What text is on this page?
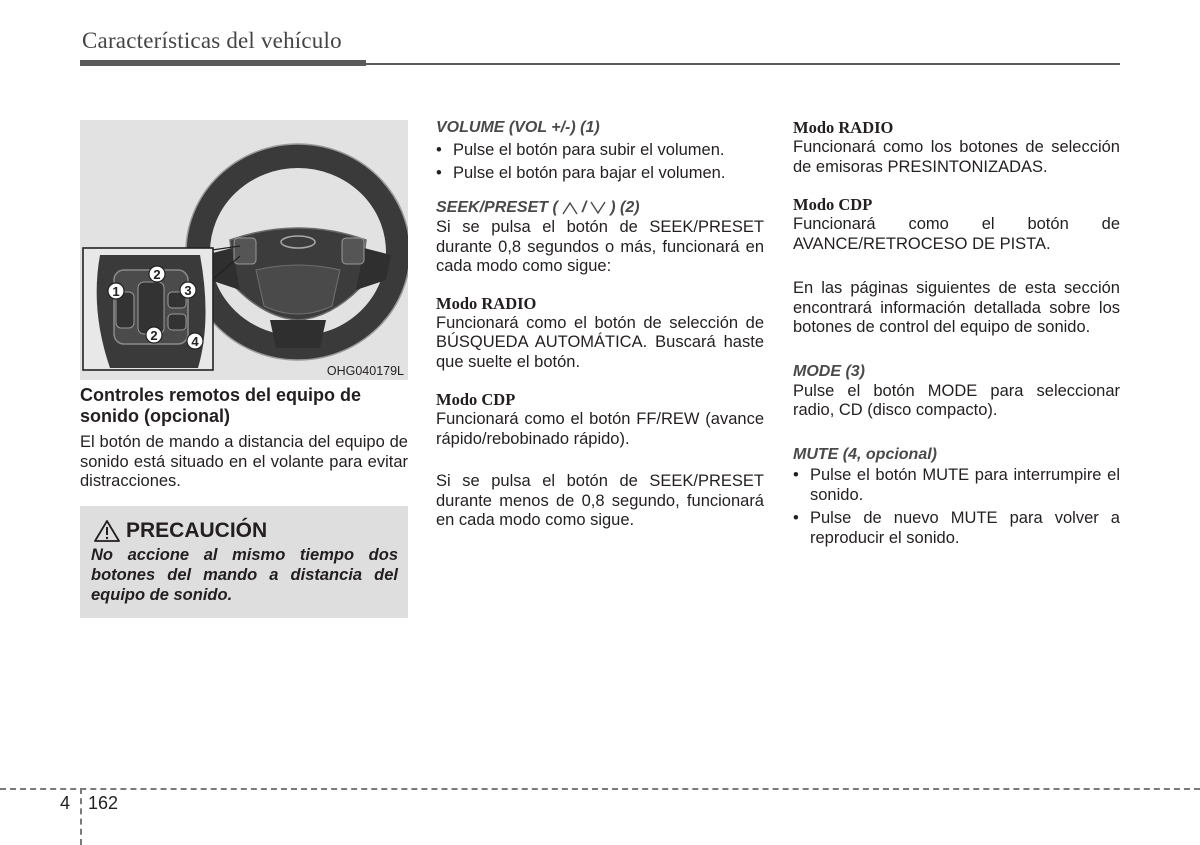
Características del vehículo
1
2
3
2	4
OHG040179L

Controles remotos del equipo de sonido (opcional)

El botón de mando a distancia del equipo de sonido está situado en el volante para evitar distracciones.

PRECAUCIÓN

No accione al mismo tiempo dos botones del mando a distancia del equipo de sonido.

VOLUME (VOL +/-) (1)

• Pulse el botón para subir el volumen.
• Pulse el botón para bajar el volumen.

SEEK/PRESET ( / ) (2)

Si se pulsa el botón de SEEK/PRESET durante 0,8 segundos o más, funcionará en cada modo como sigue:

Modo RADIO

Funcionará como el botón de selección de BÚSQUEDA AUTOMÁTICA. Buscará haste que suelte el botón.

Modo CDP

Funcionará como el botón FF/REW (avance rápido/rebobinado rápido).

Si se pulsa el botón de SEEK/PRESET durante menos de 0,8 segundo, funcionará en cada modo como sigue.

Modo RADIO

Funcionará como los botones de selección de emisoras PRESINTONIZADAS.

Modo CDP

Funcionará como el botón de AVANCE/RETROCESO DE PISTA.

En las páginas siguientes de esta sección encontrará información detallada sobre los botones de control del equipo de sonido.

MODE (3)

Pulse el botón MODE para seleccionar radio, CD (disco compacto).

MUTE (4, opcional)

• Pulse el botón MUTE para interrumpire el sonido.
• Pulse de nuevo MUTE para volver a reproducir el sonido.
4 162
